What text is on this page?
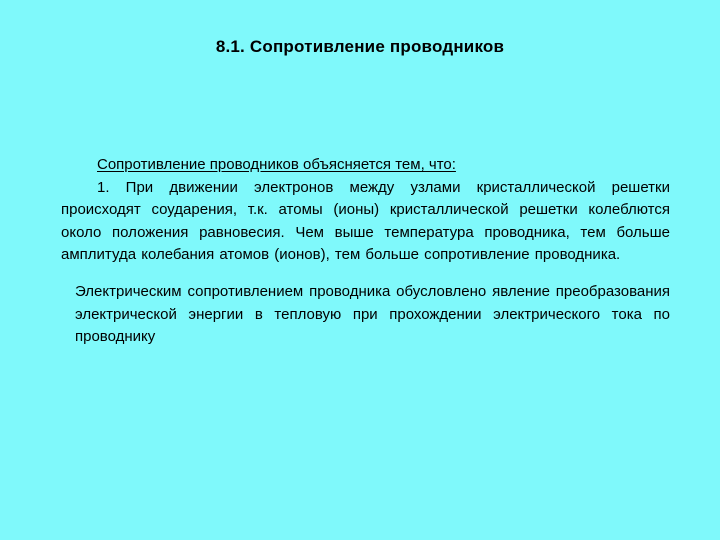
8.1. Сопротивление проводников
Сопротивление проводников объясняется тем, что:
1. При движении электронов между узлами кристаллической решетки происходят соударения, т.к. атомы (ионы) кристаллической решетки колеблются около положения равновесия. Чем выше температура проводника, тем больше амплитуда колебания атомов (ионов), тем больше сопротивление проводника.
Электрическим сопротивлением проводника обусловлено явление преобразования электрической энергии в тепловую при прохождении электрического тока по проводнику
